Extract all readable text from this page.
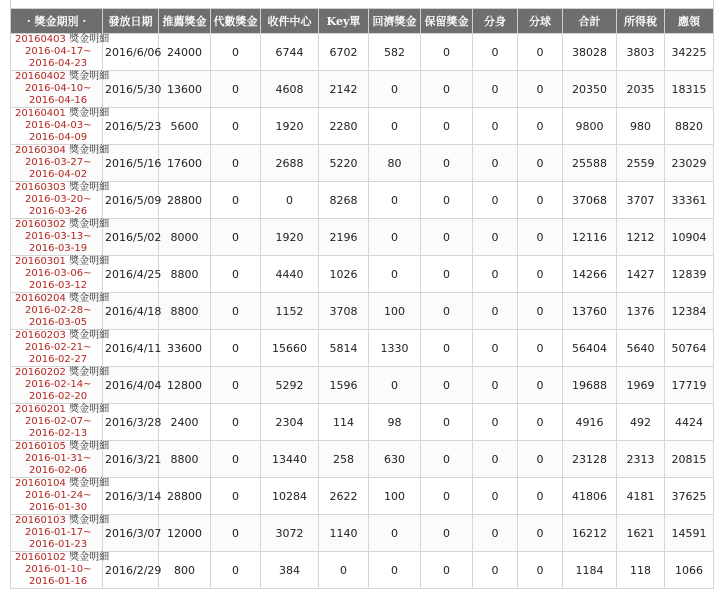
· 獎金期別 ·	發放日期	推薦獎金	代數獎金	收件中心	Key單	回濟獎金	保留獎金	分身	分球	合計	所得稅	應領
20160403 獎金明細
2016-04-17~
2016-04-23	2016/6/06	24000	0	6744	6702	582	0	0	0	38028	3803	34225
20160402 獎金明細
2016-04-10~
2016-04-16	2016/5/30	13600	0	4608	2142	0	0	0	0	20350	2035	18315
20160401 獎金明細
2016-04-03~
2016-04-09	2016/5/23	5600	0	1920	2280	0	0	0	0	9800	980	8820
20160304 獎金明細
2016-03-27~
2016-04-02	2016/5/16	17600	0	2688	5220	80	0	0	0	25588	2559	23029
20160303 獎金明細
2016-03-20~
2016-03-26	2016/5/09	28800	0	0	8268	0	0	0	0	37068	3707	33361
20160302 獎金明細
2016-03-13~
2016-03-19	2016/5/02	8000	0	1920	2196	0	0	0	0	12116	1212	10904
20160301 獎金明細
2016-03-06~
2016-03-12	2016/4/25	8800	0	4440	1026	0	0	0	0	14266	1427	12839
20160204 獎金明細
2016-02-28~
2016-03-05	2016/4/18	8800	0	1152	3708	100	0	0	0	13760	1376	12384
20160203 獎金明細
2016-02-21~
2016-02-27	2016/4/11	33600	0	15660	5814	1330	0	0	0	56404	5640	50764
20160202 獎金明細
2016-02-14~
2016-02-20	2016/4/04	12800	0	5292	1596	0	0	0	0	19688	1969	17719
20160201 獎金明細
2016-02-07~
2016-02-13	2016/3/28	2400	0	2304	114	98	0	0	0	4916	492	4424
20160105 獎金明細
2016-01-31~
2016-02-06	2016/3/21	8800	0	13440	258	630	0	0	0	23128	2313	20815
20160104 獎金明細
2016-01-24~
2016-01-30	2016/3/14	28800	0	10284	2622	100	0	0	0	41806	4181	37625
20160103 獎金明細
2016-01-17~
2016-01-23	2016/3/07	12000	0	3072	1140	0	0	0	0	16212	1621	14591
20160102 獎金明細
2016-01-10~
2016-01-16	2016/2/29	800	0	384	0	0	0	0	0	1184	118	1066
